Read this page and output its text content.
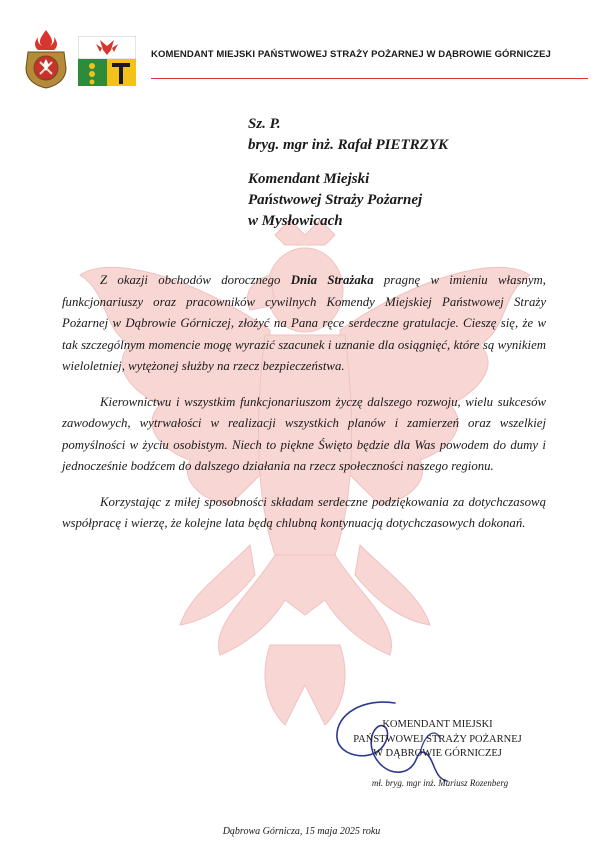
KOMENDANT MIEJSKI PAŃSTWOWEJ STRAŻY POŻARNEJ W DĄBROWIE GÓRNICZEJ
Sz. P.
bryg. mgr inż. Rafał PIETRZYK
Komendant Miejski
Państwowej Straży Pożarnej
w Mysłowicach

Z okazji obchodów dorocznego Dnia Strażaka pragnę w imieniu własnym, funkcjonariuszy oraz pracowników cywilnych Komendy Miejskiej Państwowej Straży Pożarnej w Dąbrowie Górniczej, złożyć na Pana ręce serdeczne gratulacje. Cieszę się, że w tak szczególnym momencie mogę wyrazić szacunek i uznanie dla osiągnięć, które są wynikiem wieloletniej, wytężonej służby na rzecz bezpieczeństwa.

Kierownictwu i wszystkim funkcjonariuszom życzę dalszego rozwoju, wielu sukcesów zawodowych, wytrwałości w realizacji wszystkich planów i zamierzeń oraz wszelkiej pomyślności w życiu osobistym. Niech to piękne Święto będzie dla Was powodem do dumy i jednocześnie bodźcem do dalszego działania na rzecz społeczności naszego regionu.

Korzystając z miłej sposobności składam serdeczne podziękowania za dotychczasową współpracę i wierzę, że kolejne lata będą chlubną kontynuacją dotychczasowych dokonań.

KOMENDANT MIEJSKI
PAŃSTWOWEJ STRAŻY POŻARNEJ
W DĄBROWIE GÓRNICZEJ
mł. bryg. mgr inż. Mariusz Rozenberg
Dąbrowa Górnicza, 15 maja 2025 roku
